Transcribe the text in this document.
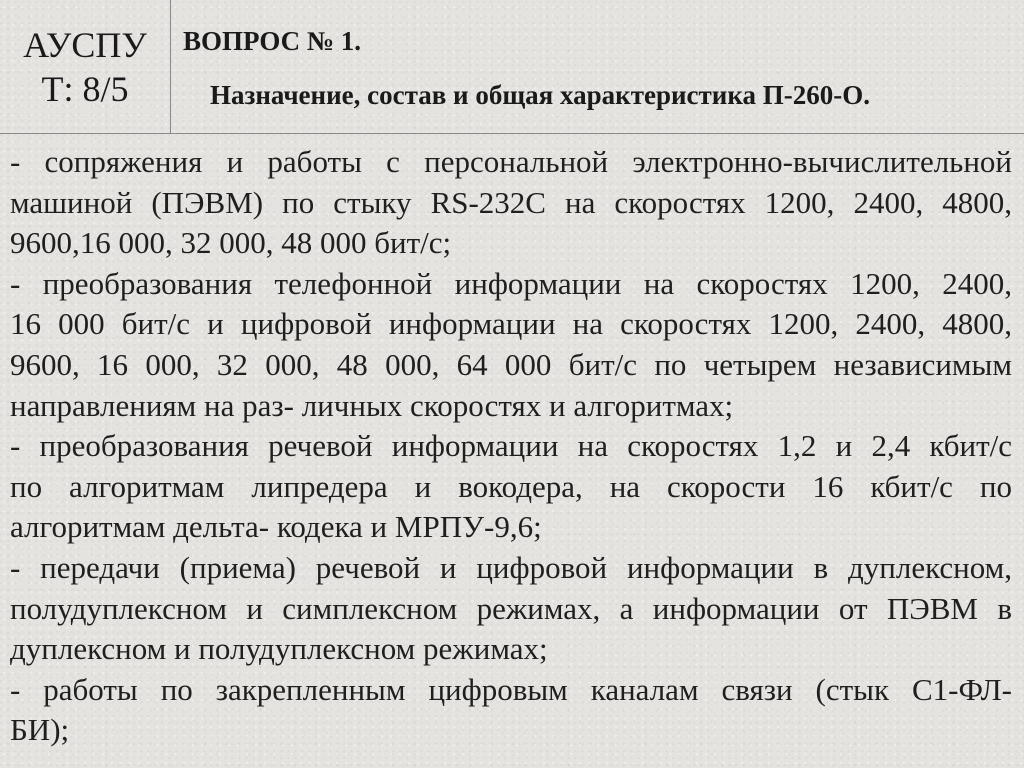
АУСПУ
Т: 8/5
ВОПРОС № 1.
Назначение, состав и общая характеристика П-260-О.
- сопряжения и работы с персональной электронно-вычислительной
машиной (ПЭВМ) по стыку RS-232С на скоростях 1200, 2400, 4800,
9600,16 000, 32 000, 48 000 бит/с;
- преобразования телефонной информации на скоростях 1200, 2400,
16 000 бит/с и цифровой информации на скоростях 1200, 2400, 4800,
9600, 16 000, 32 000, 48 000, 64 000 бит/с по четырем независимым
направлениям на раз- личных скоростях и алгоритмах;
- преобразования речевой информации на скоростях 1,2 и 2,4 кбит/с
по алгоритмам липредера и вокодера, на скорости 16 кбит/с по
алгоритмам дельта- кодека и МРПУ-9,6;
- передачи (приема) речевой и цифровой информации в дуплексном,
полудуплексном и симплексном режимах, а информации от ПЭВМ в
дуплексном и полудуплексном режимах;
- работы по закрепленным цифровым каналам связи (стык С1-ФЛ-
БИ);
